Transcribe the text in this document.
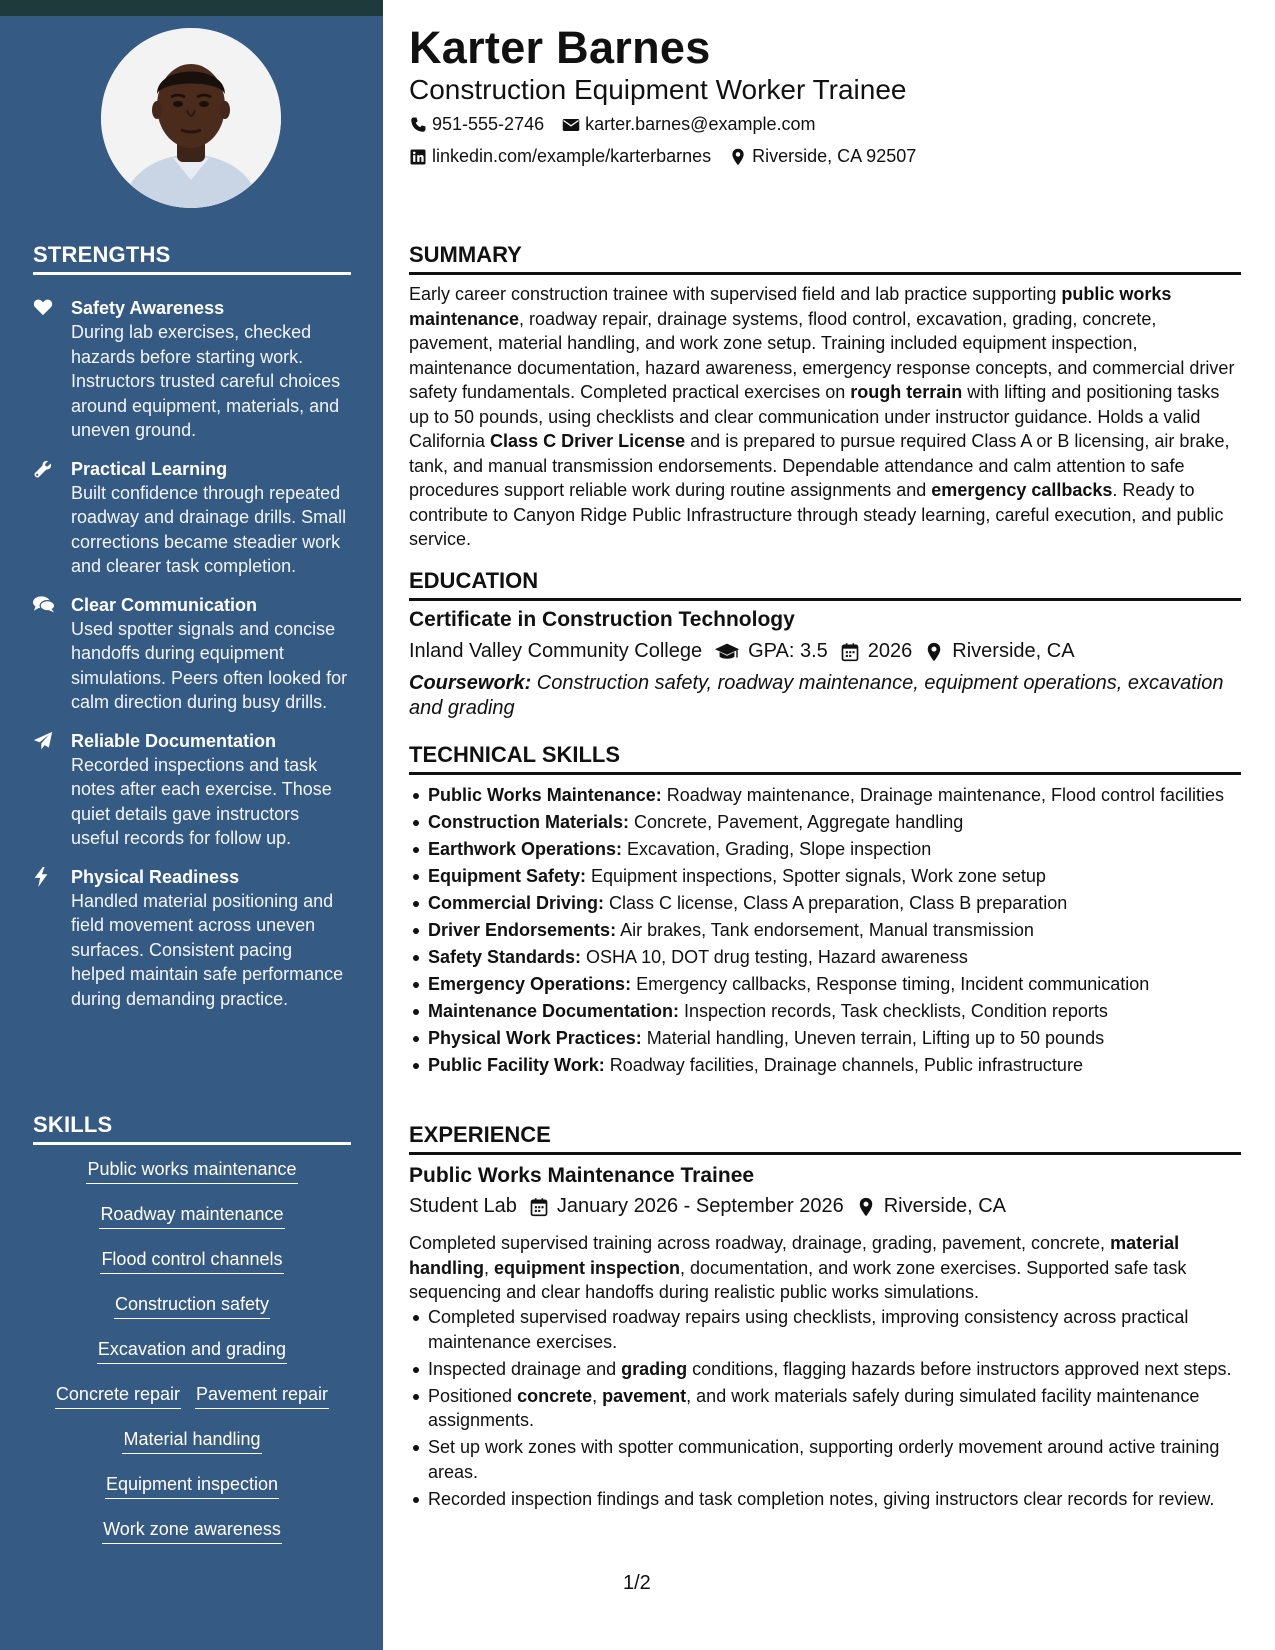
STRENGTHS
Safety Awareness
During lab exercises, checked hazards before starting work. Instructors trusted careful choices around equipment, materials, and uneven ground.
Practical Learning
Built confidence through repeated roadway and drainage drills. Small corrections became steadier work and clearer task completion.
Clear Communication
Used spotter signals and concise handoffs during equipment simulations. Peers often looked for calm direction during busy drills.
Reliable Documentation
Recorded inspections and task notes after each exercise. Those quiet details gave instructors useful records for follow up.
Physical Readiness
Handled material positioning and field movement across uneven surfaces. Consistent pacing helped maintain safe performance during demanding practice.
SKILLS
Public works maintenance
Roadway maintenance
Flood control channels
Construction safety
Excavation and grading
Concrete repair Pavement repair
Material handling
Equipment inspection
Work zone awareness
Karter Barnes
Construction Equipment Worker Trainee
951-555-2746 karter.barnes@example.com
linkedin.com/example/karterbarnes Riverside, CA 92507
SUMMARY
Early career construction trainee with supervised field and lab practice supporting public works maintenance, roadway repair, drainage systems, flood control, excavation, grading, concrete, pavement, material handling, and work zone setup. Training included equipment inspection, maintenance documentation, hazard awareness, emergency response concepts, and commercial driver safety fundamentals. Completed practical exercises on rough terrain with lifting and positioning tasks up to 50 pounds, using checklists and clear communication under instructor guidance. Holds a valid California Class C Driver License and is prepared to pursue required Class A or B licensing, air brake, tank, and manual transmission endorsements. Dependable attendance and calm attention to safe procedures support reliable work during routine assignments and emergency callbacks. Ready to contribute to Canyon Ridge Public Infrastructure through steady learning, careful execution, and public service.
EDUCATION
Certificate in Construction Technology
Inland Valley Community College GPA: 3.5 2026 Riverside, CA
Coursework: Construction safety, roadway maintenance, equipment operations, excavation and grading
TECHNICAL SKILLS
Public Works Maintenance: Roadway maintenance, Drainage maintenance, Flood control facilities
Construction Materials: Concrete, Pavement, Aggregate handling
Earthwork Operations: Excavation, Grading, Slope inspection
Equipment Safety: Equipment inspections, Spotter signals, Work zone setup
Commercial Driving: Class C license, Class A preparation, Class B preparation
Driver Endorsements: Air brakes, Tank endorsement, Manual transmission
Safety Standards: OSHA 10, DOT drug testing, Hazard awareness
Emergency Operations: Emergency callbacks, Response timing, Incident communication
Maintenance Documentation: Inspection records, Task checklists, Condition reports
Physical Work Practices: Material handling, Uneven terrain, Lifting up to 50 pounds
Public Facility Work: Roadway facilities, Drainage channels, Public infrastructure
EXPERIENCE
Public Works Maintenance Trainee
Student Lab January 2026 - September 2026 Riverside, CA
Completed supervised training across roadway, drainage, grading, pavement, concrete, material handling, equipment inspection, documentation, and work zone exercises. Supported safe task sequencing and clear handoffs during realistic public works simulations.
Completed supervised roadway repairs using checklists, improving consistency across practical maintenance exercises.
Inspected drainage and grading conditions, flagging hazards before instructors approved next steps.
Positioned concrete, pavement, and work materials safely during simulated facility maintenance assignments.
Set up work zones with spotter communication, supporting orderly movement around active training areas.
Recorded inspection findings and task completion notes, giving instructors clear records for review.
1/2
